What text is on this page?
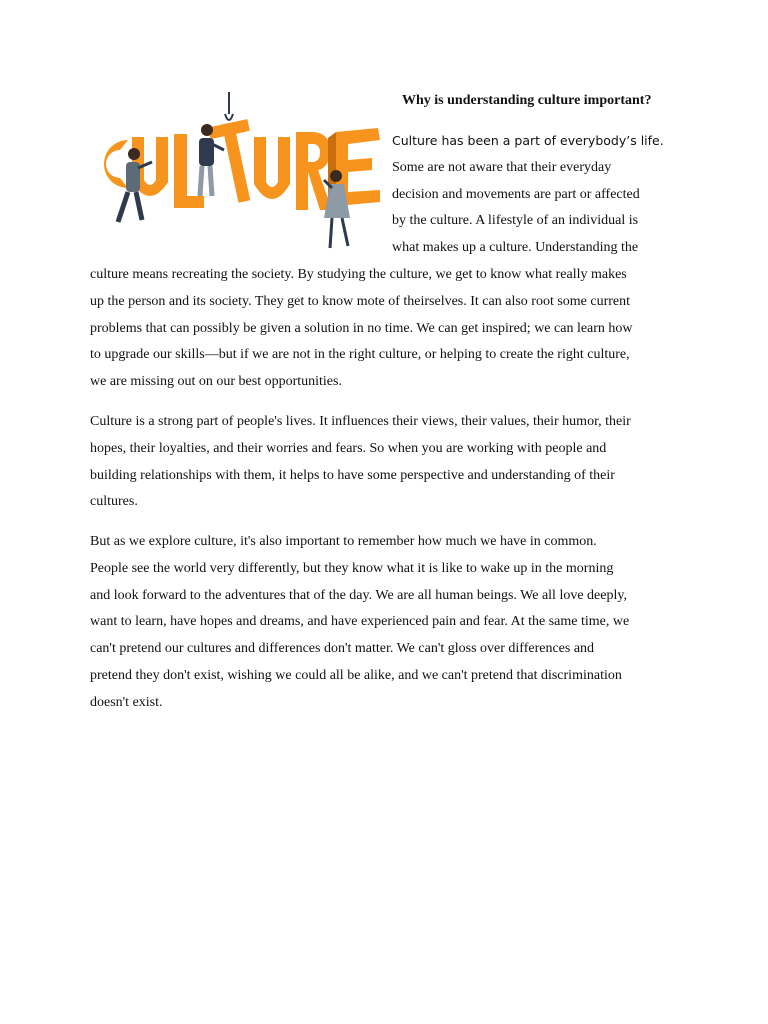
Why is understanding culture important?
Culture has been a part of everybody’s life.
Some are not aware that their everyday
decision and movements are part or affected
by the culture. A lifestyle of an individual is
what makes up a culture. Understanding the
culture means recreating the society. By studying the culture, we get to know what really makes
up the person and its society. They get to know mote of theirselves. It can also root some current
problems that can possibly be given a solution in no time. We can get inspired; we can learn how
to upgrade our skills—but if we are not in the right culture, or helping to create the right culture,
we are missing out on our best opportunities.
Culture is a strong part of people's lives. It influences their views, their values, their humor, their
hopes, their loyalties, and their worries and fears. So when you are working with people and
building relationships with them, it helps to have some perspective and understanding of their
cultures.
But as we explore culture, it's also important to remember how much we have in common.
People see the world very differently, but they know what it is like to wake up in the morning
and look forward to the adventures that of the day. We are all human beings. We all love deeply,
want to learn, have hopes and dreams, and have experienced pain and fear. At the same time, we
can't pretend our cultures and differences don't matter. We can't gloss over differences and
pretend they don't exist, wishing we could all be alike, and we can't pretend that discrimination
doesn't exist.
